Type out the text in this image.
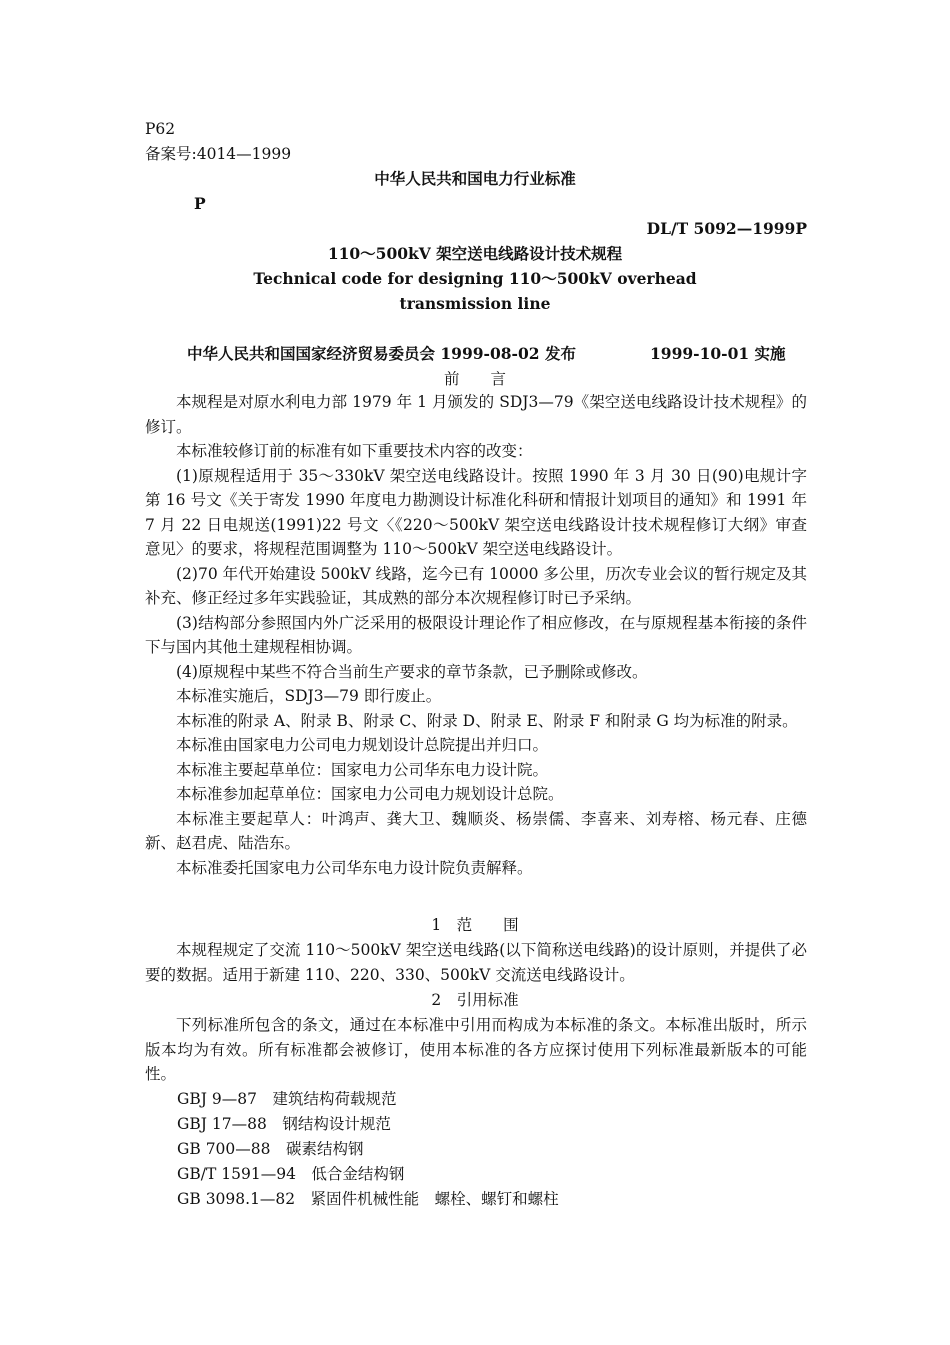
P62
备案号:4014—1999
中华人民共和国电力行业标准
P
DL/T 5092—1999P
110～500kV 架空送电线路设计技术规程
Technical code for designing 110～500kV overhead
transmission line
中华人民共和国国家经济贸易委员会 1999-08-02 发布	1999-10-01 实施
前　　言

本规程是对原水利电力部 1979 年 1 月颁发的 SDJ3—79《架空送电线路设计技术规程》的修订。

本标准较修订前的标准有如下重要技术内容的改变：

(1)原规程适用于 35～330kV 架空送电线路设计。按照 1990 年 3 月 30 日(90)电规计字第 16 号文《关于寄发 1990 年度电力勘测设计标准化科研和情报计划项目的通知》和 1991 年 7 月 22 日电规送(1991)22 号文〈《220～500kV 架空送电线路设计技术规程修订大纲》审查意见〉的要求，将规程范围调整为 110～500kV 架空送电线路设计。

(2)70 年代开始建设 500kV 线路，迄今已有 10000 多公里，历次专业会议的暂行规定及其补充、修正经过多年实践验证，其成熟的部分本次规程修订时已予采纳。

(3)结构部分参照国内外广泛采用的极限设计理论作了相应修改，在与原规程基本衔接的条件下与国内其他土建规程相协调。

(4)原规程中某些不符合当前生产要求的章节条款，已予删除或修改。

本标准实施后，SDJ3—79 即行废止。

本标准的附录 A、附录 B、附录 C、附录 D、附录 E、附录 F 和附录 G 均为标准的附录。

本标准由国家电力公司电力规划设计总院提出并归口。

本标准主要起草单位：国家电力公司华东电力设计院。

本标准参加起草单位：国家电力公司电力规划设计总院。

本标准主要起草人：叶鸿声、龚大卫、魏顺炎、杨崇儒、李喜来、刘寿榕、杨元春、庄德新、赵君虎、陆浩东。

本标准委托国家电力公司华东电力设计院负责解释。

1　范　　围

本规程规定了交流 110～500kV 架空送电线路(以下简称送电线路)的设计原则，并提供了必要的数据。适用于新建 110、220、330、500kV 交流送电线路设计。

2　引用标准

下列标准所包含的条文，通过在本标准中引用而构成为本标准的条文。本标准出版时，所示版本均为有效。所有标准都会被修订，使用本标准的各方应探讨使用下列标准最新版本的可能性。

GBJ 9—87　建筑结构荷载规范
GBJ 17—88　钢结构设计规范
GB 700—88　碳素结构钢
GB/T 1591—94　低合金结构钢
GB 3098.1—82　紧固件机械性能　螺栓、螺钉和螺柱
